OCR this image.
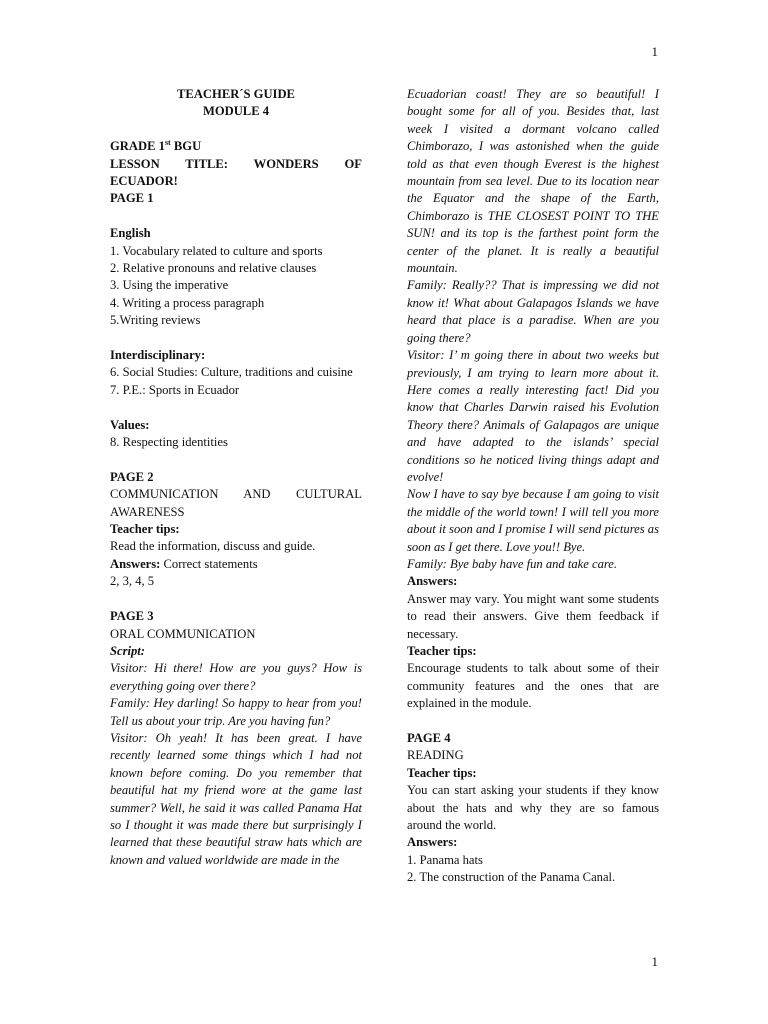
1

TEACHER´S GUIDE

MODULE 4

GRADE 1st BGU

LESSON TITLE: WONDERS OF ECUADOR!

PAGE 1

English

1. Vocabulary related to culture and sports

2. Relative pronouns and relative clauses

3. Using the imperative

4. Writing a process paragraph

5.Writing reviews

Interdisciplinary:

6. Social Studies: Culture, traditions and cuisine

7. P.E.: Sports in Ecuador

Values:

8. Respecting identities

PAGE 2

COMMUNICATION AND CULTURAL AWARENESS

Teacher tips:

Read the information, discuss and guide.

Answers: Correct statements

2, 3, 4, 5

PAGE 3

ORAL COMMUNICATION

Script:

Visitor: Hi there! How are you guys? How is everything going over there?

Family: Hey darling! So happy to hear from you! Tell us about your trip. Are you having fun?

Visitor: Oh yeah! It has been great. I have recently learned some things which I had not known before coming. Do you remember that beautiful hat my friend wore at the game last summer? Well, he said it was called Panama Hat so I thought it was made there but surprisingly I learned that these beautiful straw hats which are known and valued worldwide are made in the

Ecuadorian coast! They are so beautiful! I bought some for all of you. Besides that, last week I visited a dormant volcano called Chimborazo, I was astonished when the guide told as that even though Everest is the highest mountain from sea level. Due to its location near the Equator and the shape of the Earth, Chimborazo is THE CLOSEST POINT TO THE SUN! and its top is the farthest point form the center of the planet. It is really a beautiful mountain.

Family: Really?? That is impressing we did not know it! What about Galapagos Islands we have heard that place is a paradise. When are you going there?

Visitor: I’ m going there in about two weeks but previously, I am trying to learn more about it. Here comes a really interesting fact! Did you know that Charles Darwin raised his Evolution Theory there? Animals of Galapagos are unique and have adapted to the islands’ special conditions so he noticed living things adapt and evolve!

Now I have to say bye because I am going to visit the middle of the world town! I will tell you more about it soon and I promise I will send pictures as soon as I get there. Love you!! Bye.

Family: Bye baby have fun and take care.

Answers:

Answer may vary. You might want some students to read their answers. Give them feedback if necessary.

Teacher tips:

Encourage students to talk about some of their community features and the ones that are explained in the module.

PAGE 4

READING

Teacher tips:

You can start asking your students if they know about the hats and why they are so famous around the world.

Answers:

1. Panama hats

2. The construction of the Panama Canal.

1
